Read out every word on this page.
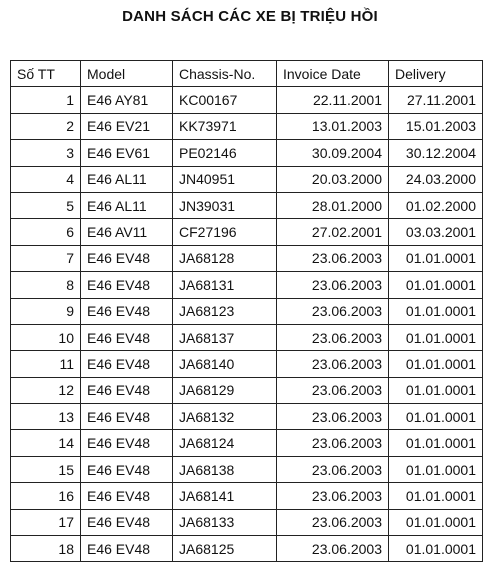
DANH SÁCH CÁC XE BỊ TRIỆU HỒI
Số TT	Model	Chassis-No.	Invoice Date	Delivery
1	E46 AY81	KC00167	22.11.2001	27.11.2001
2	E46 EV21	KK73971	13.01.2003	15.01.2003
3	E46 EV61	PE02146	30.09.2004	30.12.2004
4	E46 AL11	JN40951	20.03.2000	24.03.2000
5	E46 AL11	JN39031	28.01.2000	01.02.2000
6	E46 AV11	CF27196	27.02.2001	03.03.2001
7	E46 EV48	JA68128	23.06.2003	01.01.0001
8	E46 EV48	JA68131	23.06.2003	01.01.0001
9	E46 EV48	JA68123	23.06.2003	01.01.0001
10	E46 EV48	JA68137	23.06.2003	01.01.0001
11	E46 EV48	JA68140	23.06.2003	01.01.0001
12	E46 EV48	JA68129	23.06.2003	01.01.0001
13	E46 EV48	JA68132	23.06.2003	01.01.0001
14	E46 EV48	JA68124	23.06.2003	01.01.0001
15	E46 EV48	JA68138	23.06.2003	01.01.0001
16	E46 EV48	JA68141	23.06.2003	01.01.0001
17	E46 EV48	JA68133	23.06.2003	01.01.0001
18	E46 EV48	JA68125	23.06.2003	01.01.0001
